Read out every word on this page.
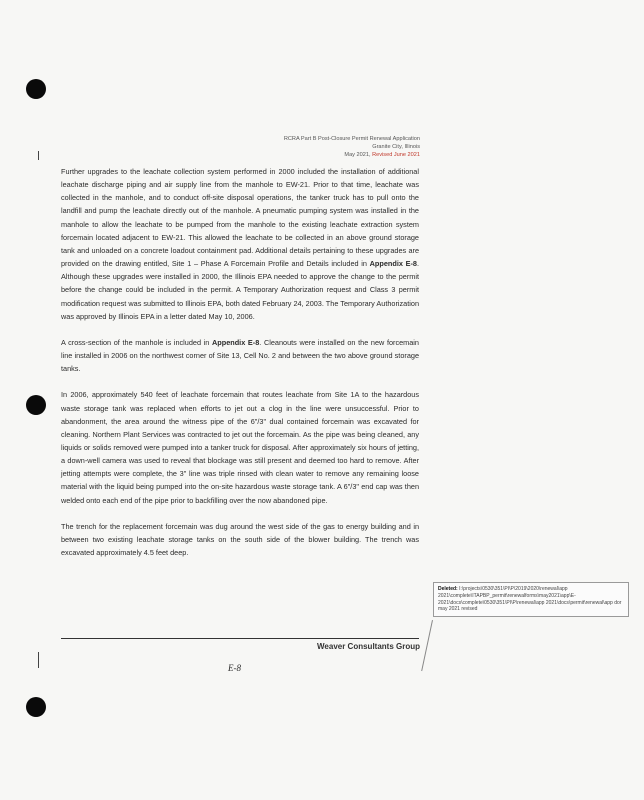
RCRA Part B Post-Closure Permit Renewal Application
Granite City, Illinois
May 2021, Revised June 2021

Further upgrades to the leachate collection system performed in 2000 included the installation of additional leachate discharge piping and air supply line from the manhole to EW-21. Prior to that time, leachate was collected in the manhole, and to conduct off-site disposal operations, the tanker truck has to pull onto the landfill and pump the leachate directly out of the manhole. A pneumatic pumping system was installed in the manhole to allow the leachate to be pumped from the manhole to the existing leachate extraction system forcemain located adjacent to EW-21. This allowed the leachate to be collected in an above ground storage tank and unloaded on a concrete loadout containment pad. Additional details pertaining to these upgrades are provided on the drawing entitled, Site 1 – Phase A Forcemain Profile and Details included in Appendix E-8. Although these upgrades were installed in 2000, the Illinois EPA needed to approve the change to the permit before the change could be included in the permit. A Temporary Authorization request and Class 3 permit modification request was submitted to Illinois EPA, both dated February 24, 2003. The Temporary Authorization was approved by Illinois EPA in a letter dated May 10, 2006.

A cross-section of the manhole is included in Appendix E-8. Cleanouts were installed on the new forcemain line installed in 2006 on the northwest corner of Site 13, Cell No. 2 and between the two above ground storage tanks.

In 2006, approximately 540 feet of leachate forcemain that routes leachate from Site 1A to the hazardous waste storage tank was replaced when efforts to jet out a clog in the line were unsuccessful. Prior to abandonment, the area around the witness pipe of the 6"/3" dual contained forcemain was excavated for cleaning. Northern Plant Services was contracted to jet out the forcemain. As the pipe was being cleaned, any liquids or solids removed were pumped into a tanker truck for disposal. After approximately six hours of jetting, a down-well camera was used to reveal that blockage was still present and deemed too hard to remove. After jetting attempts were complete, the 3" line was triple rinsed with clean water to remove any remaining loose material with the liquid being pumped into the on-site hazardous waste storage tank. A 6"/3" end cap was then welded onto each end of the pipe prior to backfilling over the now abandoned pipe.

The trench for the replacement forcemain was dug around the west side of the gas to energy building and in between two existing leachate storage tanks on the south side of the blower building. The trench was excavated approximately 4.5 feet deep.

Deleted: I:\projects\0530\351\PI\P\2019\2020\renewal\app 2021\complete\ITAPBP_permit\renewalforms\may2021\app\E-2021\docs\complete\0530\351\PI\P\renewal\app 2021\docs\permit\renewal\app dor may 2021 revised
Weaver Consultants Group
E-8
